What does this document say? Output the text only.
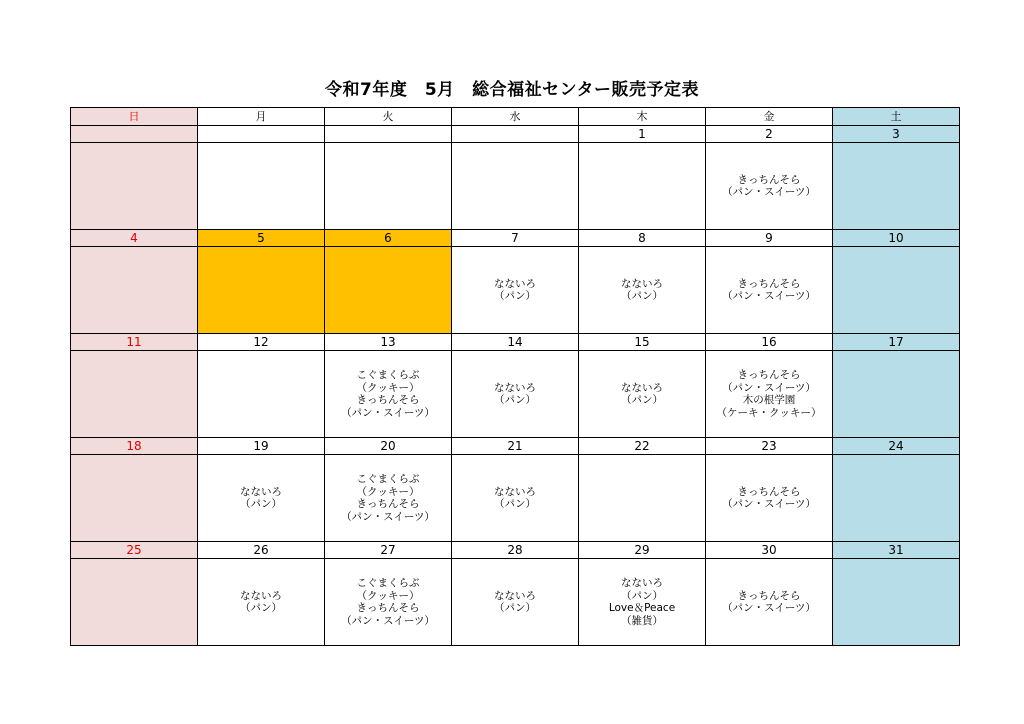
令和7年度　5月　総合福祉センター販売予定表
日	月	火	水	木	金	土
				1	2	3

					きっちんそら
（パン・スイーツ）	

4	5	6	7	8	9	10

			なないろ
（パン）	なないろ
（パン）	きっちんそら
（パン・スイーツ）	

11	12	13	14	15	16	17

		こぐまくらぶ
（クッキー）
きっちんそら
（パン・スイーツ）	なないろ
（パン）	なないろ
（パン）	きっちんそら
（パン・スイーツ）
木の根学園
（ケーキ・クッキー）	

18	19	20	21	22	23	24

	なないろ
（パン）	こぐまくらぶ
（クッキー）
きっちんそら
（パン・スイーツ）	なないろ
（パン）		きっちんそら
（パン・スイーツ）	

25	26	27	28	29	30	31

	なないろ
（パン）	こぐまくらぶ
（クッキー）
きっちんそら
（パン・スイーツ）	なないろ
（パン）	なないろ
（パン）
Love＆Peace
（雑貨）	きっちんそら
（パン・スイーツ）	
